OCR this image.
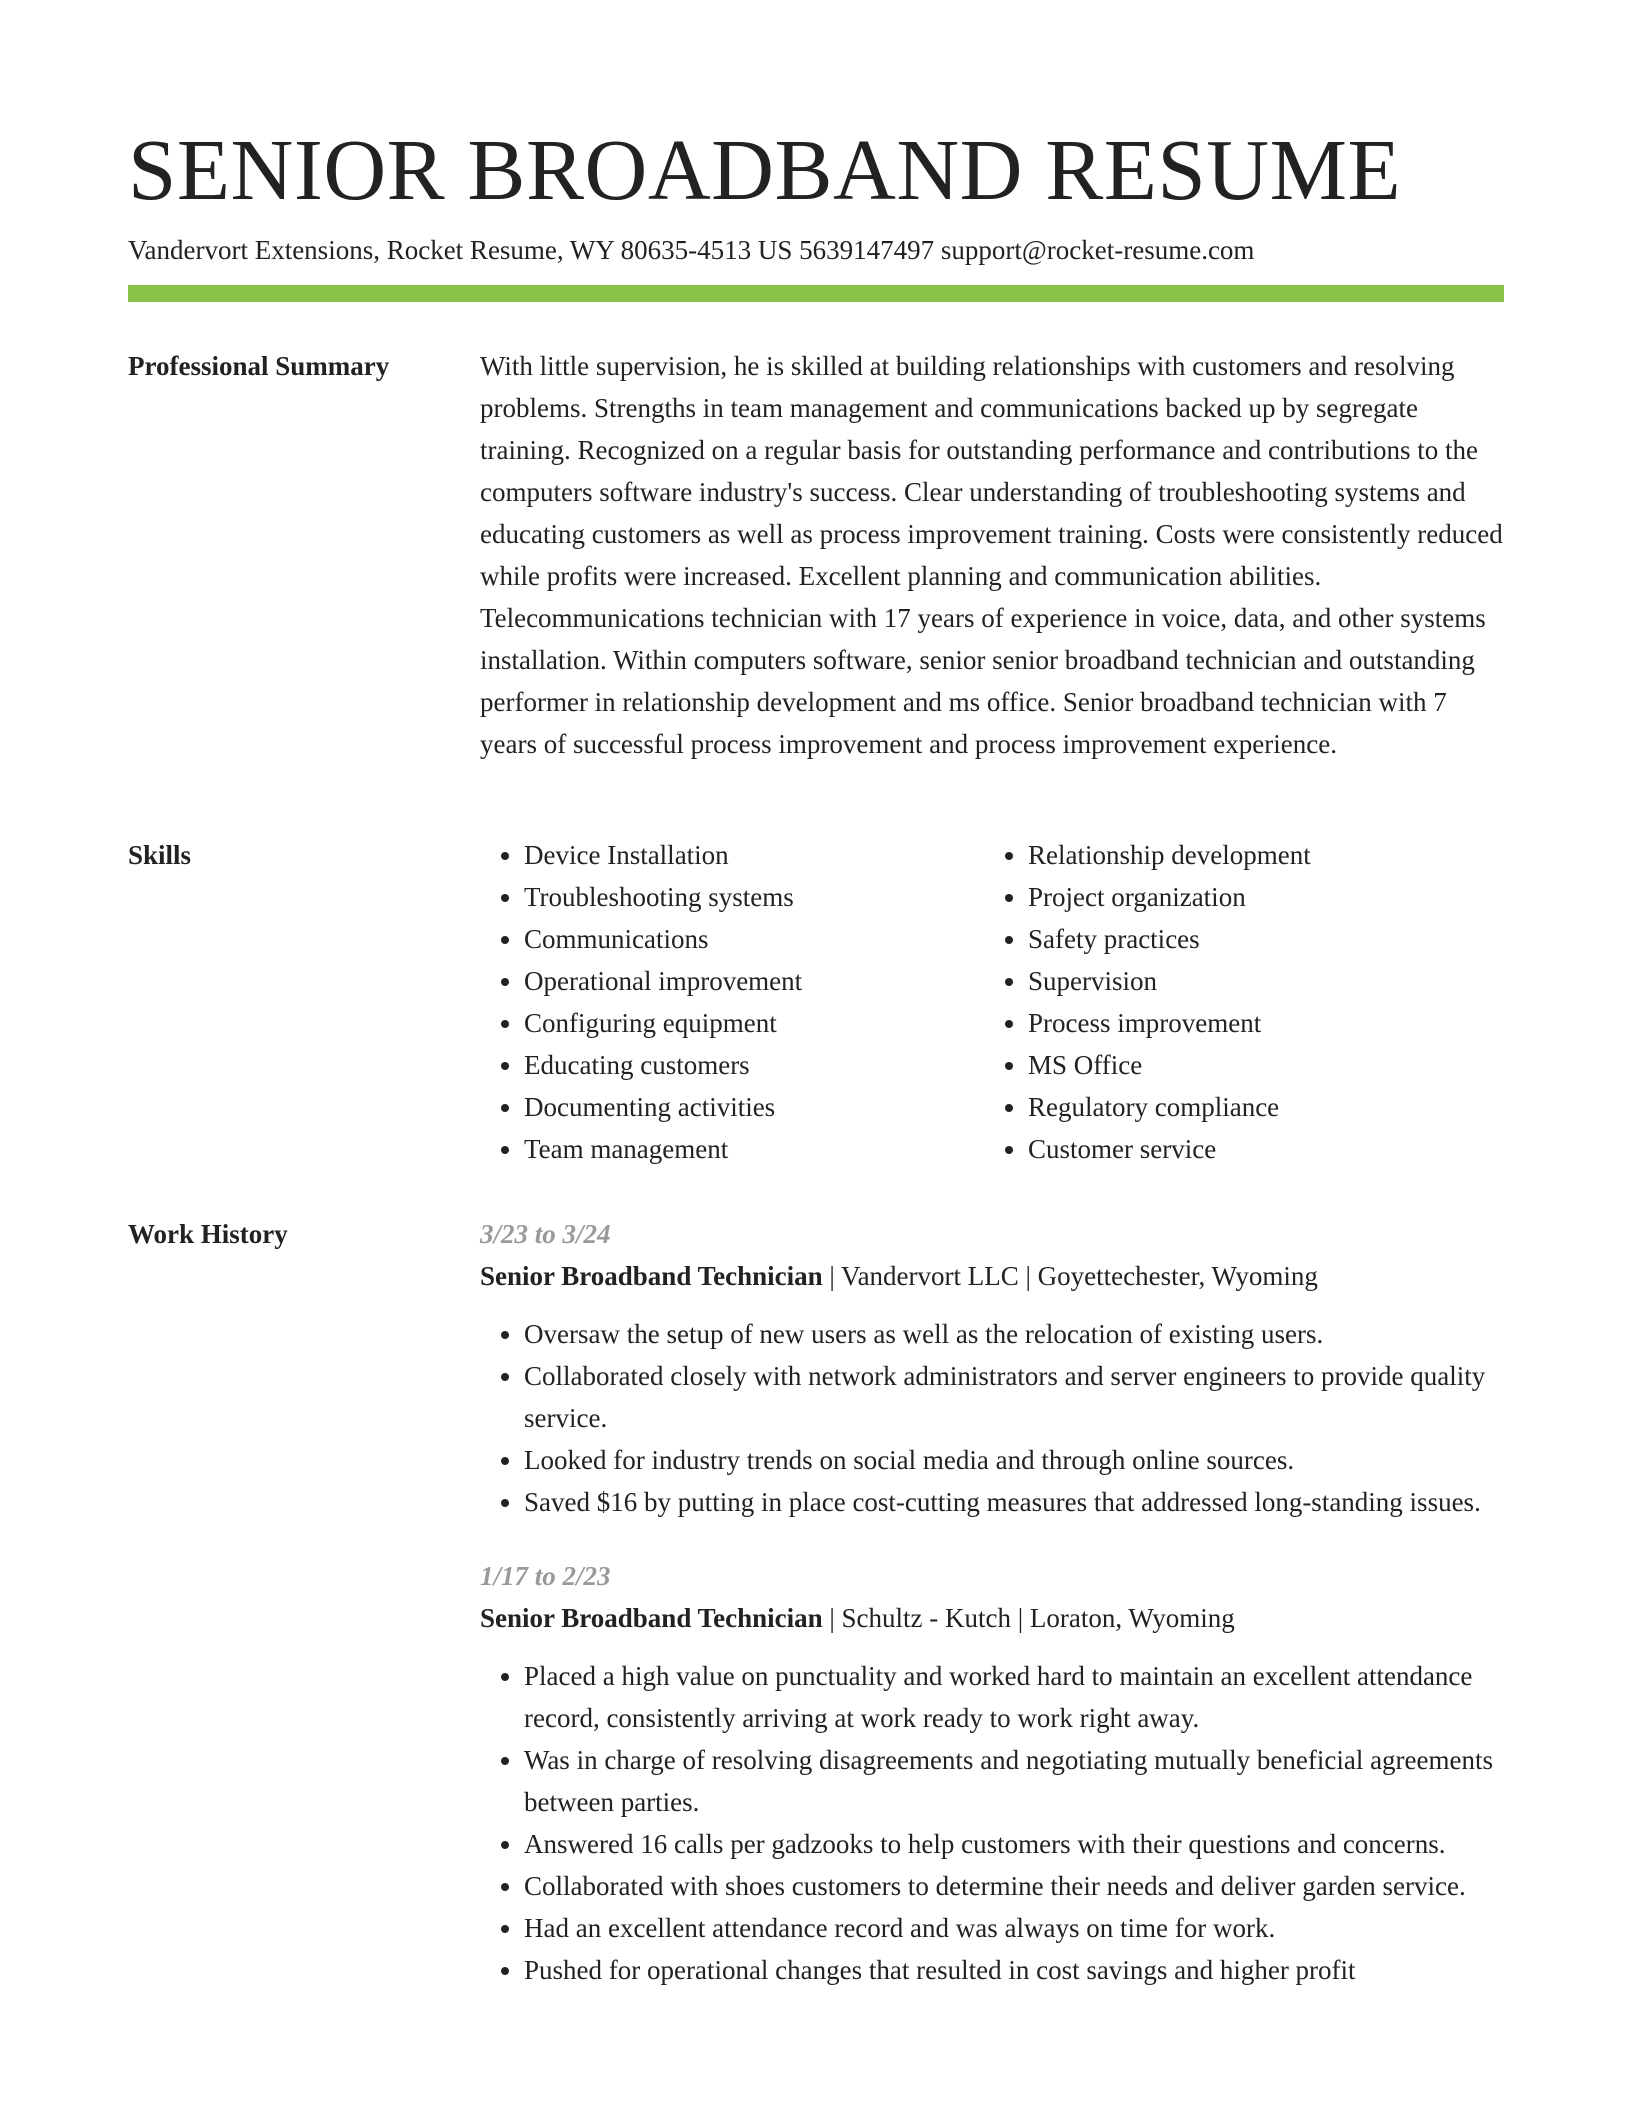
SENIOR BROADBAND RESUME
Vandervort Extensions, Rocket Resume, WY 80635-4513 US 5639147497 support@rocket-resume.com
Professional Summary	With little supervision, he is skilled at building relationships with customers and resolving problems. Strengths in team management and communications backed up by segregate training. Recognized on a regular basis for outstanding performance and contributions to the computers software industry's success. Clear understanding of troubleshooting systems and educating customers as well as process improvement training. Costs were consistently reduced while profits were increased. Excellent planning and communication abilities. Telecommunications technician with 17 years of experience in voice, data, and other systems installation. Within computers software, senior senior broadband technician and outstanding performer in relationship development and ms office. Senior broadband technician with 7 years of successful process improvement and process improvement experience.

Skills
•	Device Installation
• Troubleshooting systems
• Communications
• Operational improvement
• Configuring equipment
• Educating customers
• Documenting activities
• Team management
• Relationship development
• Project organization
• Safety practices
• Supervision
• Process improvement
• MS Office
• Regulatory compliance
• Customer service
Work History	3/23 to 3/24

Senior Broadband Technician | Vandervort LLC | Goyettechester, Wyoming

• Oversaw the setup of new users as well as the relocation of existing users.
• Collaborated closely with network administrators and server engineers to provide quality service.
• Looked for industry trends on social media and through online sources.
• Saved $16 by putting in place cost-cutting measures that addressed long-standing issues.

1/17 to 2/23

Senior Broadband Technician | Schultz - Kutch | Loraton, Wyoming

• Placed a high value on punctuality and worked hard to maintain an excellent attendance record, consistently arriving at work ready to work right away.
• Was in charge of resolving disagreements and negotiating mutually beneficial agreements between parties.
• Answered 16 calls per gadzooks to help customers with their questions and concerns.
• Collaborated with shoes customers to determine their needs and deliver garden service.
• Had an excellent attendance record and was always on time for work.
• Pushed for operational changes that resulted in cost savings and higher profit
